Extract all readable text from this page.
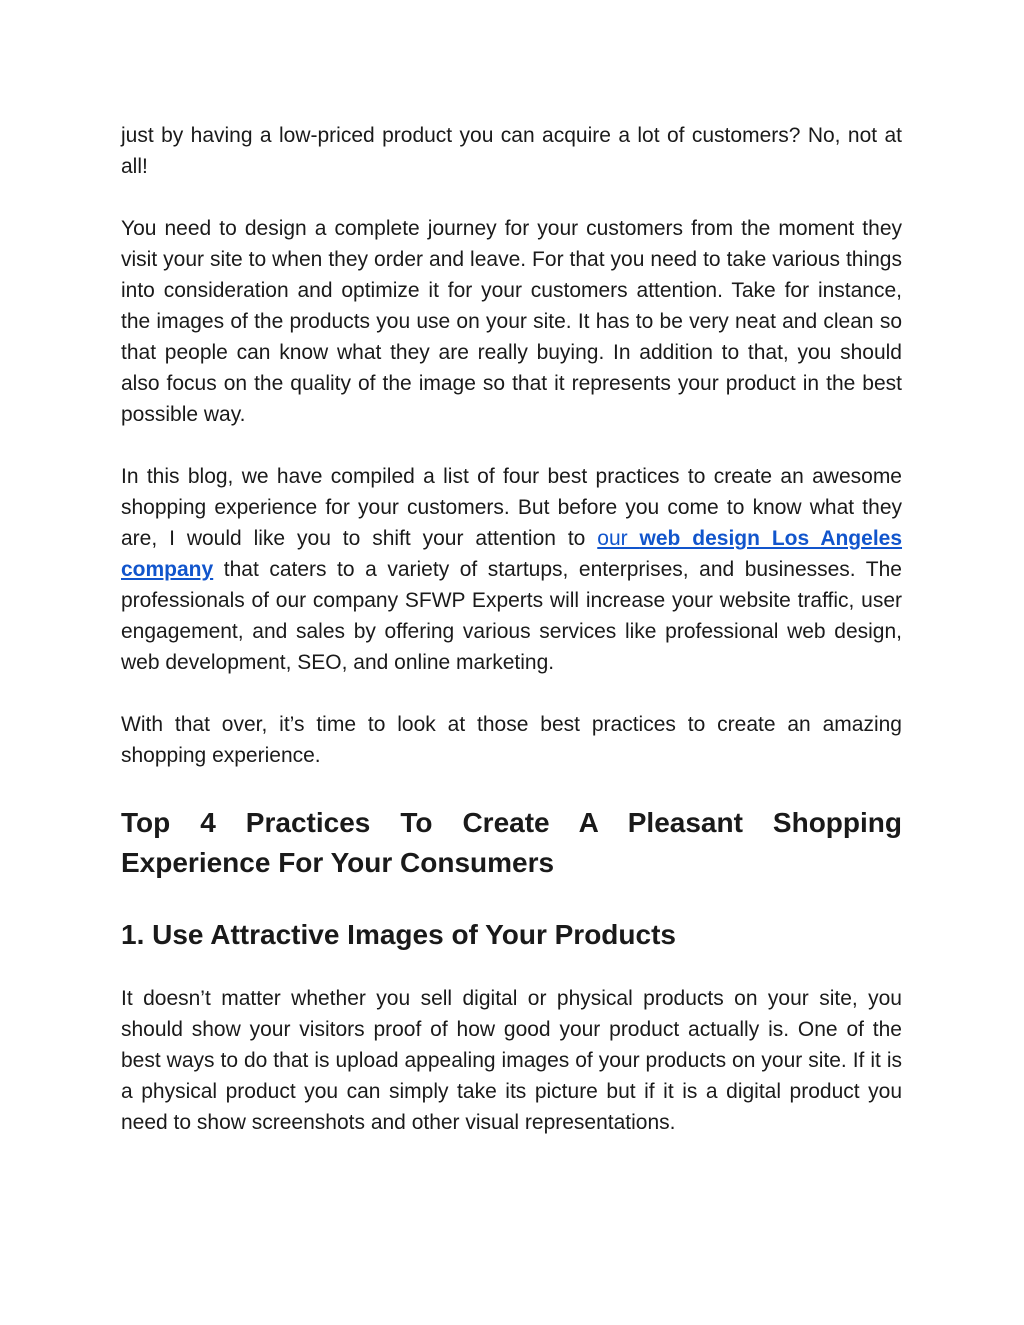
just by having a low-priced product you can acquire a lot of customers? No, not at all!

You need to design a complete journey for your customers from the moment they visit your site to when they order and leave. For that you need to take various things into consideration and optimize it for your customers attention. Take for instance, the images of the products you use on your site. It has to be very neat and clean so that people can know what they are really buying. In addition to that, you should also focus on the quality of the image so that it represents your product in the best possible way.

In this blog, we have compiled a list of four best practices to create an awesome shopping experience for your customers. But before you come to know what they are, I would like you to shift your attention to our web design Los Angeles company that caters to a variety of startups, enterprises, and businesses. The professionals of our company SFWP Experts will increase your website traffic, user engagement, and sales by offering various services like professional web design, web development, SEO, and online marketing.

With that over, it’s time to look at those best practices to create an amazing shopping experience.

Top 4 Practices To Create A Pleasant Shopping Experience For Your Consumers
1. Use Attractive Images of Your Products

It doesn’t matter whether you sell digital or physical products on your site, you should show your visitors proof of how good your product actually is. One of the best ways to do that is upload appealing images of your products on your site. If it is a physical product you can simply take its picture but if it is a digital product you need to show screenshots and other visual representations.
